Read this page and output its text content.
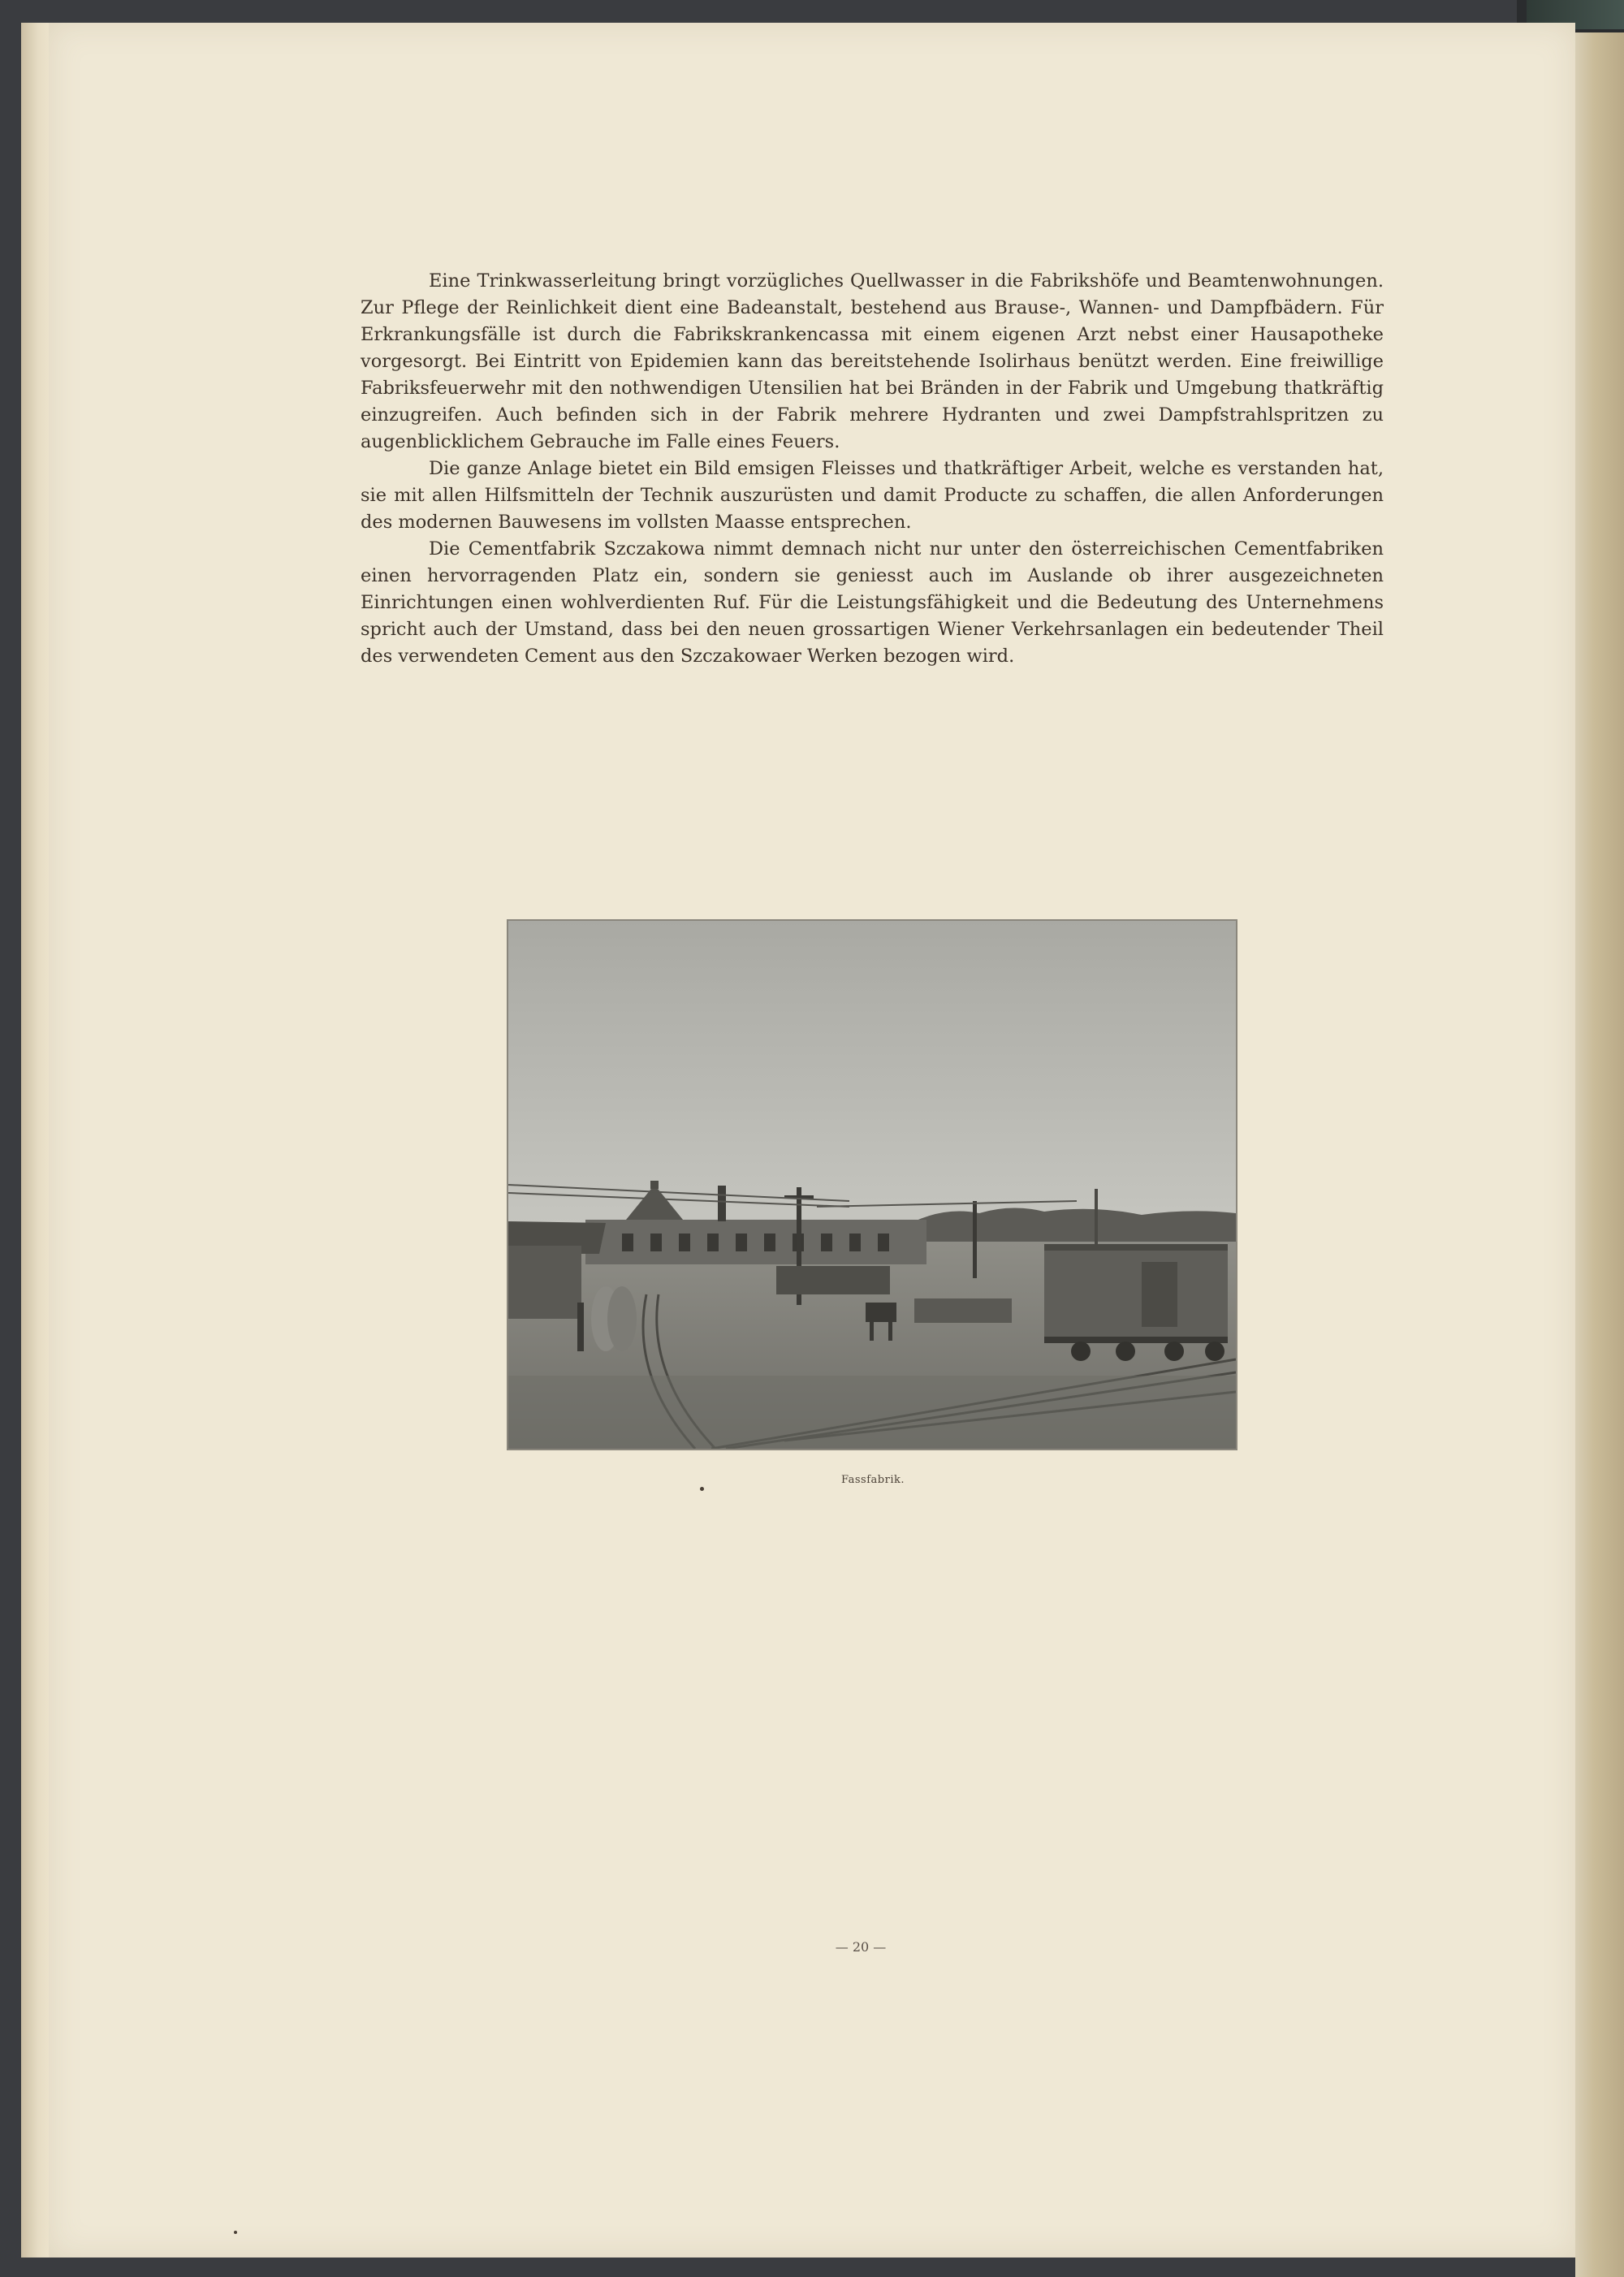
Eine Trinkwasserleitung bringt vorzügliches Quellwasser in die Fabrikshöfe und Beamtenwohnungen. Zur Pflege der Reinlichkeit dient eine Badeanstalt, bestehend aus Brause-, Wannen- und Dampfbädern. Für Erkrankungsfälle ist durch die Fabrikskrankencassa mit einem eigenen Arzt nebst einer Hausapotheke vorgesorgt. Bei Eintritt von Epidemien kann das bereitstehende Isolirhaus benützt werden. Eine freiwillige Fabriksfeuerwehr mit den nothwendigen Utensilien hat bei Bränden in der Fabrik und Umgebung thatkräftig einzugreifen. Auch befinden sich in der Fabrik mehrere Hydranten und zwei Dampfstrahlspritzen zu augenblicklichem Gebrauche im Falle eines Feuers.

Die ganze Anlage bietet ein Bild emsigen Fleisses und thatkräftiger Arbeit, welche es verstanden hat, sie mit allen Hilfsmitteln der Technik auszurüsten und damit Producte zu schaffen, die allen Anforderungen des modernen Bauwesens im vollsten Maasse entsprechen.

Die Cementfabrik Szczakowa nimmt demnach nicht nur unter den österreichischen Cementfabriken einen hervorragenden Platz ein, sondern sie geniesst auch im Auslande ob ihrer ausgezeichneten Einrichtungen einen wohlverdienten Ruf. Für die Leistungsfähigkeit und die Bedeutung des Unternehmens spricht auch der Umstand, dass bei den neuen grossartigen Wiener Verkehrsanlagen ein bedeutender Theil des verwendeten Cement aus den Szczakowaer Werken bezogen wird.

Fassfabrik.
— 20 —
